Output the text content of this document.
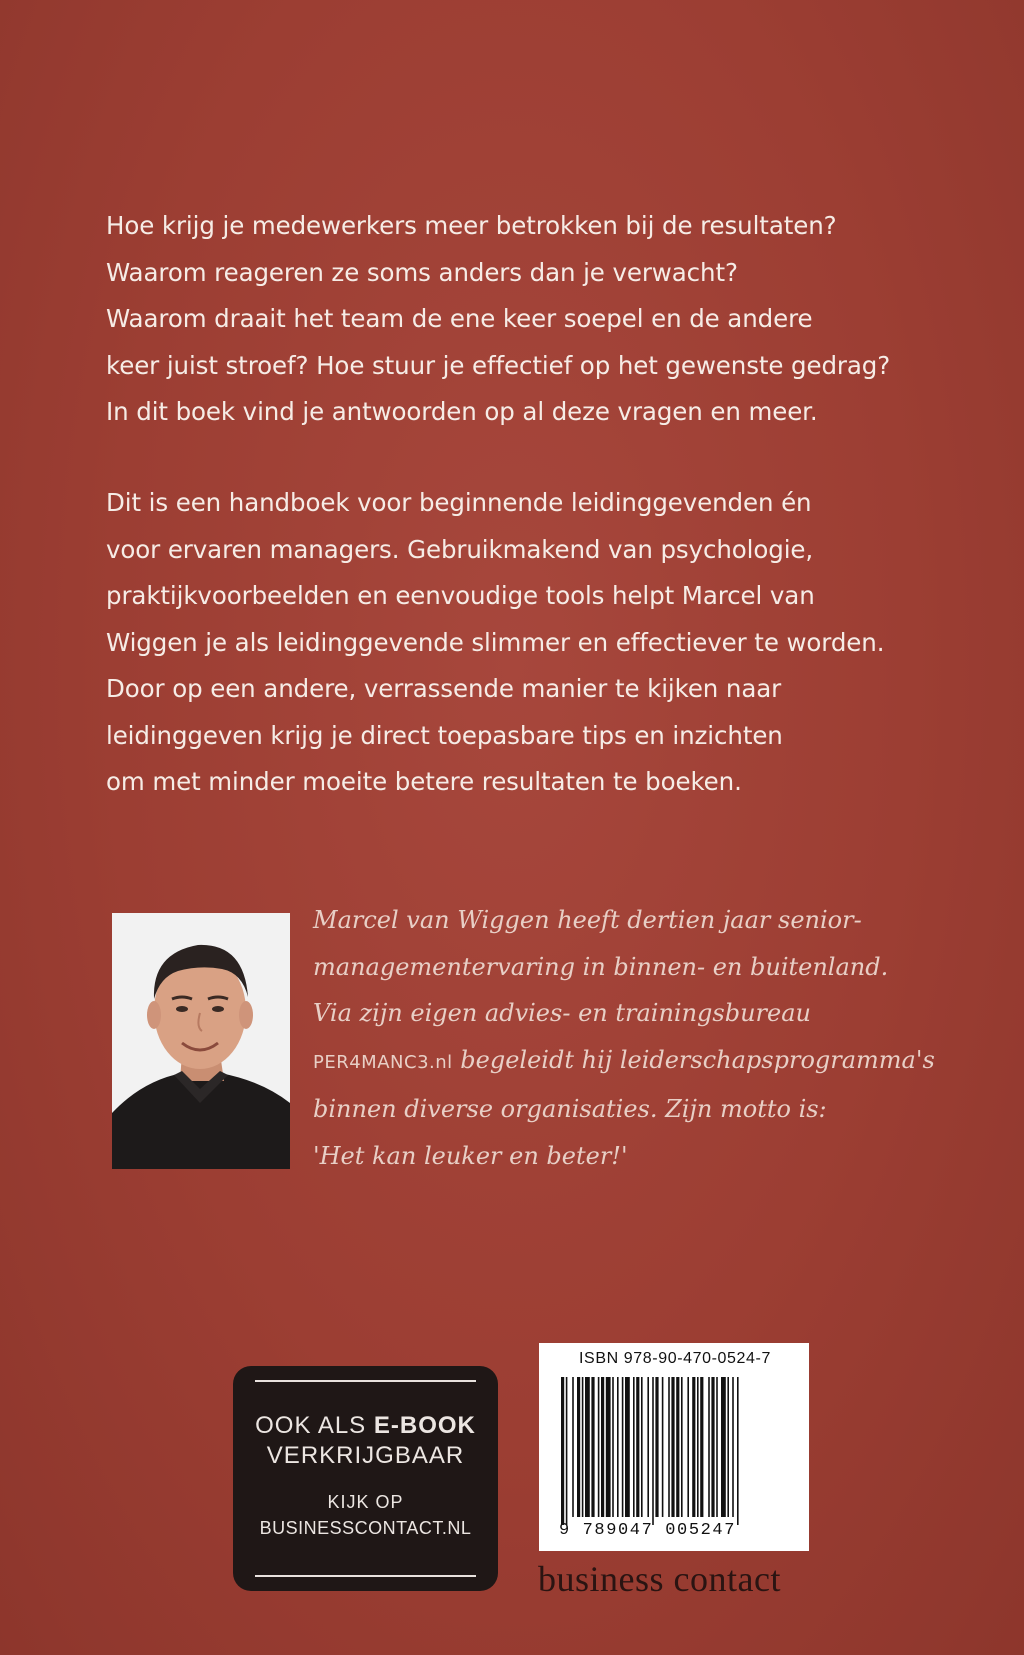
Hoe krijg je medewerkers meer betrokken bij de resultaten?
Waarom reageren ze soms anders dan je verwacht?
Waarom draait het team de ene keer soepel en de andere
keer juist stroef? Hoe stuur je effectief op het gewenste gedrag?
In dit boek vind je antwoorden op al deze vragen en meer.
Dit is een handboek voor beginnende leidinggevenden én
voor ervaren managers. Gebruikmakend van psychologie,
praktijkvoorbeelden en eenvoudige tools helpt Marcel van
Wiggen je als leidinggevende slimmer en effectiever te worden.
Door op een andere, verrassende manier te kijken naar
leidinggeven krijg je direct toepasbare tips en inzichten
om met minder moeite betere resultaten te boeken.
Marcel van Wiggen heeft dertien jaar senior-
managementervaring in binnen- en buitenland.
Via zijn eigen advies- en trainingsbureau
PER4MANC3.nl begeleidt hij leiderschapsprogramma's
binnen diverse organisaties. Zijn motto is:
'Het kan leuker en beter!'
OOK ALS E-BOOK
VERKRIJGBAAR
KIJK OP
BUSINESSCONTACT.NL
ISBN 978-90-470-0524-7
9 789047 005247
business contact
